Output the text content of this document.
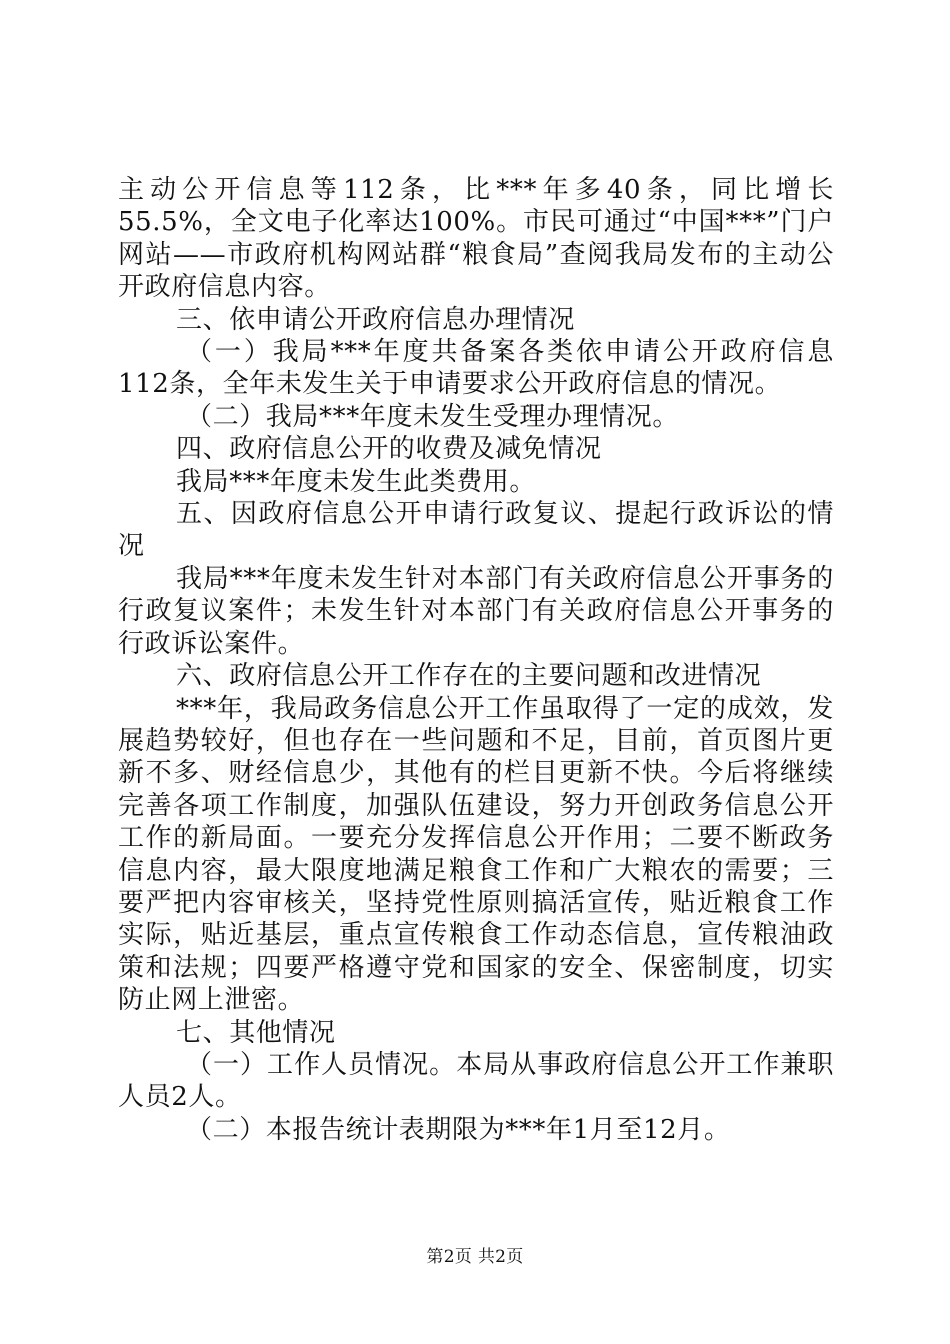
主动公开信息等112条，比***年多40条，同比增长55.5%，全文电子化率达100%。市民可通过“中国***”门户网站——市政府机构网站群“粮食局”查阅我局发布的主动公开政府信息内容。

三、依申请公开政府信息办理情况

（一）我局***年度共备案各类依申请公开政府信息112条，全年未发生关于申请要求公开政府信息的情况。

（二）我局***年度未发生受理办理情况。

四、政府信息公开的收费及减免情况

我局***年度未发生此类费用。

五、因政府信息公开申请行政复议、提起行政诉讼的情况

我局***年度未发生针对本部门有关政府信息公开事务的行政复议案件；未发生针对本部门有关政府信息公开事务的行政诉讼案件。

六、政府信息公开工作存在的主要问题和改进情况

***年，我局政务信息公开工作虽取得了一定的成效，发展趋势较好，但也存在一些问题和不足，目前，首页图片更新不多、财经信息少，其他有的栏目更新不快。今后将继续完善各项工作制度，加强队伍建设，努力开创政务信息公开工作的新局面。一要充分发挥信息公开作用；二要不断政务信息内容，最大限度地满足粮食工作和广大粮农的需要；三要严把内容审核关，坚持党性原则搞活宣传，贴近粮食工作实际，贴近基层，重点宣传粮食工作动态信息，宣传粮油政策和法规；四要严格遵守党和国家的安全、保密制度，切实防止网上泄密。

七、其他情况

（一）工作人员情况。本局从事政府信息公开工作兼职人员2人。

（二）本报告统计表期限为***年1月至12月。

第2页 共2页
